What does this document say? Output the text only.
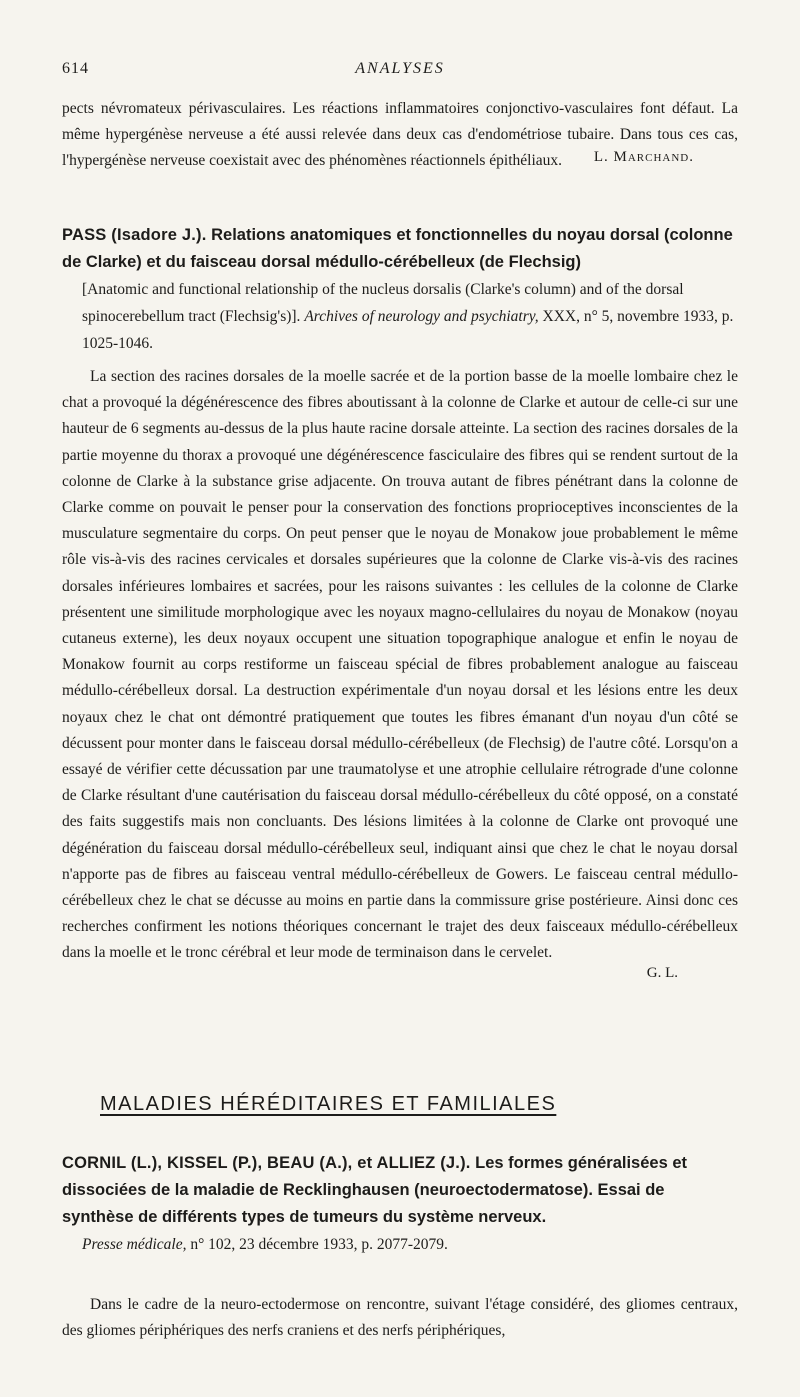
614	ANALYSES

pects névromateux périvasculaires. Les réactions inflammatoires conjonctivo-vasculaires font défaut. La même hypergénèse nerveuse a été aussi relevée dans deux cas d'endométriose tubaire. Dans tous ces cas, l'hypergénèse nerveuse coexistait avec des phénomènes réactionnels épithéliaux.	L. Marchand.
PASS (Isadore J.). Relations anatomiques et fonctionnelles du noyau dorsal (colonne de Clarke) et du faisceau dorsal médullo-cérébelleux (de Flechsig)
[Anatomic and functional relationship of the nucleus dorsalis (Clarke's column) and of the dorsal spinocerebellum tract (Flechsig's)]. Archives of neurology and psychiatry, XXX, n° 5, novembre 1933, p. 1025-1046.

La section des racines dorsales de la moelle sacrée et de la portion basse de la moelle lombaire chez le chat a provoqué la dégénérescence des fibres aboutissant à la colonne de Clarke et autour de celle-ci sur une hauteur de 6 segments au-dessus de la plus haute racine dorsale atteinte. La section des racines dorsales de la partie moyenne du thorax a provoqué une dégénérescence fasciculaire des fibres qui se rendent surtout de la colonne de Clarke à la substance grise adjacente. On trouva autant de fibres pénétrant dans la colonne de Clarke comme on pouvait le penser pour la conservation des fonctions proprioceptives inconscientes de la musculature segmentaire du corps. On peut penser que le noyau de Monakow joue probablement le même rôle vis-à-vis des racines cervicales et dorsales supérieures que la colonne de Clarke vis-à-vis des racines dorsales inférieures lombaires et sacrées, pour les raisons suivantes : les cellules de la colonne de Clarke présentent une similitude morphologique avec les noyaux magno-cellulaires du noyau de Monakow (noyau cutaneus externe), les deux noyaux occupent une situation topographique analogue et enfin le noyau de Monakow fournit au corps restiforme un faisceau spécial de fibres probablement analogue au faisceau médullo-cérébelleux dorsal. La destruction expérimentale d'un noyau dorsal et les lésions entre les deux noyaux chez le chat ont démontré pratiquement que toutes les fibres émanant d'un noyau d'un côté se décussent pour monter dans le faisceau dorsal médullo-cérébelleux (de Flechsig) de l'autre côté. Lorsqu'on a essayé de vérifier cette décussation par une traumatolyse et une atrophie cellulaire rétrograde d'une colonne de Clarke résultant d'une cautérisation du faisceau dorsal médullo-cérébelleux du côté opposé, on a constaté des faits suggestifs mais non concluants. Des lésions limitées à la colonne de Clarke ont provoqué une dégénération du faisceau dorsal médullo-cérébelleux seul, indiquant ainsi que chez le chat le noyau dorsal n'apporte pas de fibres au faisceau ventral médullo-cérébelleux de Gowers. Le faisceau central médullo-cérébelleux chez le chat se décusse au moins en partie dans la commissure grise postérieure. Ainsi donc ces recherches confirment les notions théoriques concernant le trajet des deux faisceaux médullo-cérébelleux dans la moelle et le tronc cérébral et leur mode de terminaison dans le cervelet.

G. L.
MALADIES HÉRÉDITAIRES ET FAMILIALES
CORNIL (L.), KISSEL (P.), BEAU (A.), et ALLIEZ (J.). Les formes généralisées et dissociées de la maladie de Recklinghausen (neuroectodermatose). Essai de synthèse de différents types de tumeurs du système nerveux.
Presse médicale, n° 102, 23 décembre 1933, p. 2077-2079.

Dans le cadre de la neuro-ectodermose on rencontre, suivant l'étage considéré, des gliomes centraux, des gliomes périphériques des nerfs craniens et des nerfs périphériques,
